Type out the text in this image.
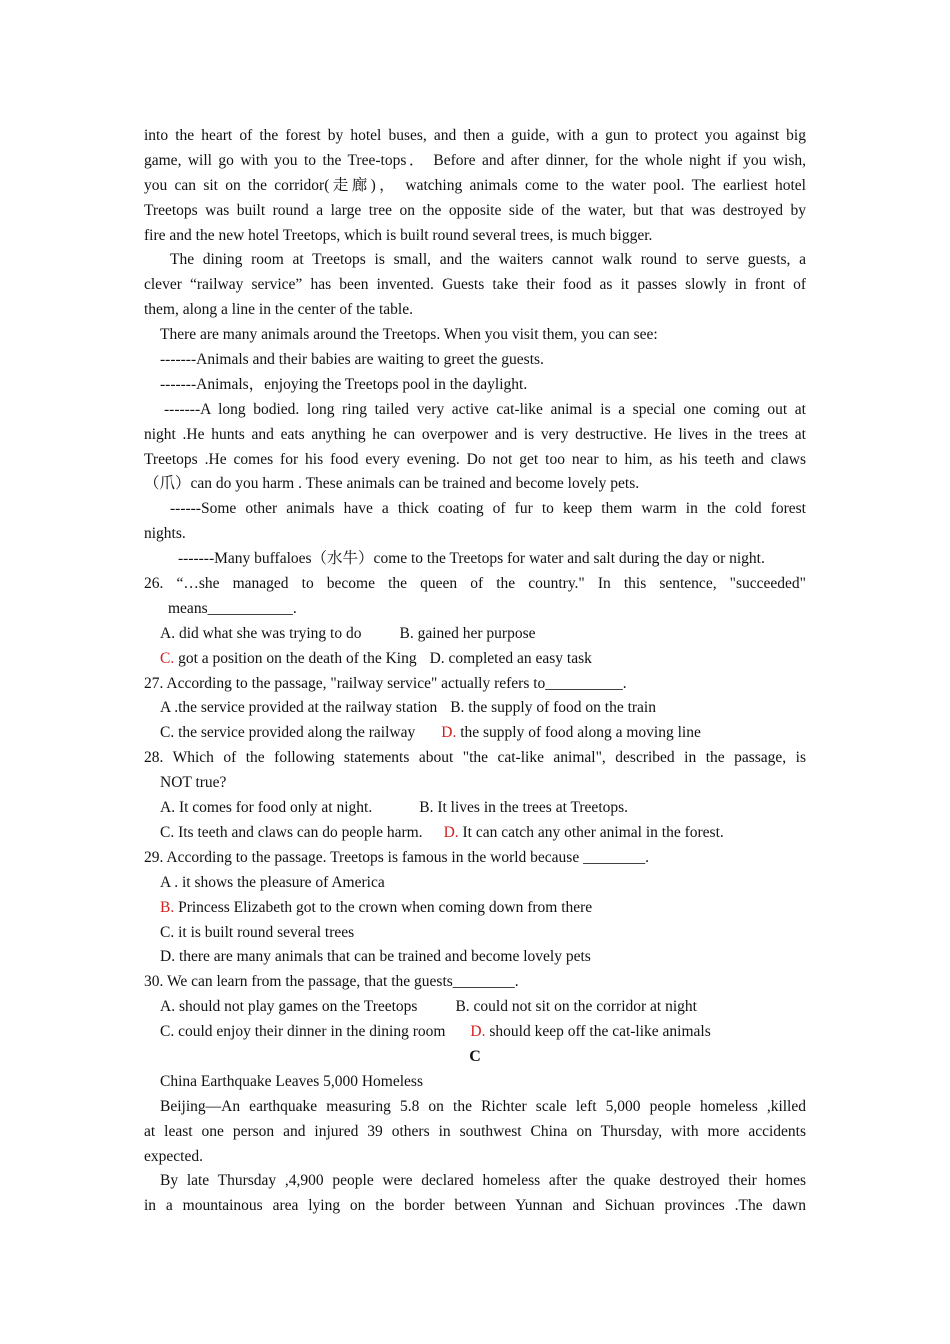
into the heart of the forest by hotel buses, and then a guide, with a gun to protect you against big
game, will go with you to the Tree-tops． Before and after dinner, for the whole night if you wish,
you can sit on the corridor(走廊)， watching animals come to the water pool. The earliest hotel
Treetops was built round a large tree on the opposite side of the water, but that was destroyed by
fire and the new hotel Treetops, which is built round several trees, is much bigger.
The dining room at Treetops is small, and the waiters cannot walk round to serve guests, a
clever “railway service” has been invented. Guests take their food as it passes slowly in front of
them, along a line in the center of the table.
There are many animals around the Treetops. When you visit them, you can see:
-------Animals and their babies are waiting to greet the guests.
-------Animals，enjoying the Treetops pool in the daylight.
-------A long bodied. long ring tailed very active cat-like animal is a special one coming out at
night .He hunts and eats anything he can overpower and is very destructive. He lives in the trees at
Treetops .He comes for his food every evening. Do not get too near to him, as his teeth and claws
（爪）can do you harm . These animals can be trained and become lovely pets.
------Some other animals have a thick coating of fur to keep them warm in the cold forest
nights.
-------Many buffaloes（水牛）come to the Treetops for water and salt during the day or night.
26. “…she managed to become the queen of the country." In this sentence, "succeeded"
means___________.
A. did what she was trying to do B. gained her purpose
C. got a position on the death of the King D. completed an easy task
27. According to the passage, "railway service" actually refers to__________.
A .the service provided at the railway station B. the supply of food on the train
C. the service provided along the railway D. the supply of food along a moving line
28. Which of the following statements about "the cat-like animal", described in the passage, is
NOT true?
A. It comes for food only at night.	B. It lives in the trees at Treetops.
C. Its teeth and claws can do people harm. D. It can catch any other animal in the forest.
29. According to the passage. Treetops is famous in the world because ________.
A . it shows the pleasure of America
B. Princess Elizabeth got to the crown when coming down from there
C. it is built round several trees
D. there are many animals that can be trained and become lovely pets
30. We can learn from the passage, that the guests________.
A. should not play games on the Treetops B. could not sit on the corridor at night
C. could enjoy their dinner in the dining room D. should keep off the cat-like animals
C
China Earthquake Leaves 5,000 Homeless
Beijing—An earthquake measuring 5.8 on the Richter scale left 5,000 people homeless ,killed
at least one person and injured 39 others in southwest China on Thursday, with more accidents
expected.
By late Thursday ,4,900 people were declared homeless after the quake destroyed their homes
in a mountainous area lying on the border between Yunnan and Sichuan provinces .The dawn
